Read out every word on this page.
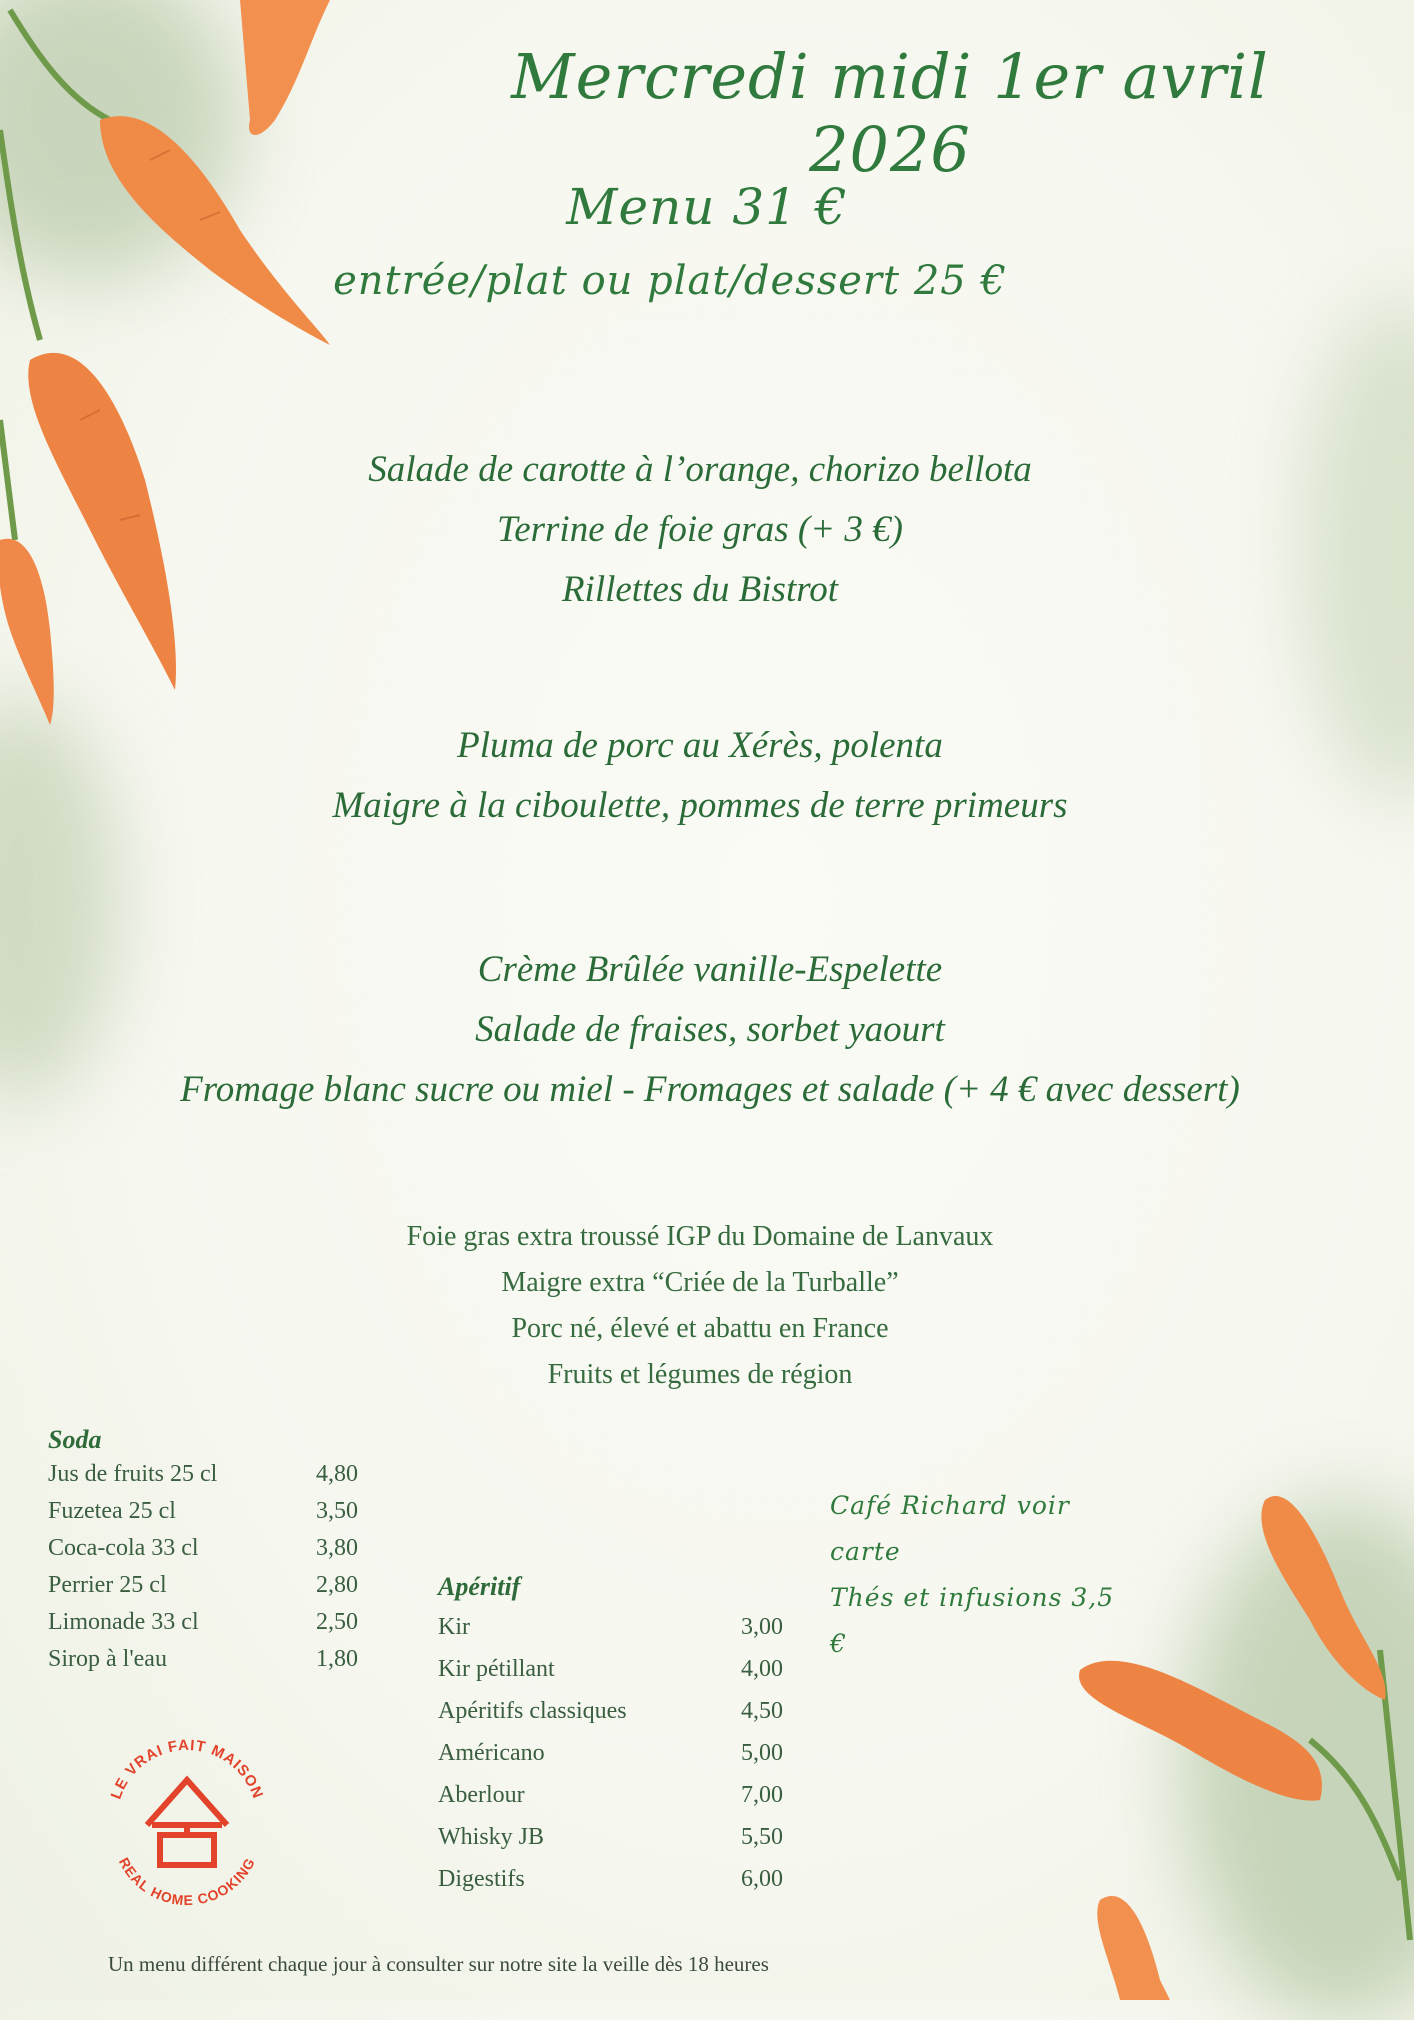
Mercredi midi 1er avril 2026
Menu 31 €
entrée/plat ou plat/dessert 25 €
Salade de carotte à l’orange, chorizo bellota
Terrine de foie gras (+ 3 €)
Rillettes du Bistrot
Pluma de porc au Xérès, polenta
Maigre à la ciboulette, pommes de terre primeurs
Crème Brûlée vanille-Espelette
Salade de fraises, sorbet yaourt
Fromage blanc sucre ou miel - Fromages et salade (+ 4 € avec dessert)
Foie gras extra troussé IGP du Domaine de Lanvaux
Maigre extra “Criée de la Turballe”
Porc né, élevé et abattu en France
Fruits et légumes de région
Soda
Jus de fruits 25 cl	4,80
Fuzetea 25 cl	3,50
Coca-cola 33 cl	3,80
Perrier 25 cl	2,80
Limonade 33 cl	2,50
Sirop à l'eau	1,80
Apéritif
Kir	3,00
Kir pétillant	4,00
Apéritifs classiques	4,50
Américano	5,00
Aberlour	7,00
Whisky JB	5,50
Digestifs	6,00
Café Richard voir carte
Thés et infusions 3,5 €
LE VRAI FAIT MAISON
REAL HOME COOKING
Un menu différent chaque jour à consulter sur notre site la veille dès 18 heures
